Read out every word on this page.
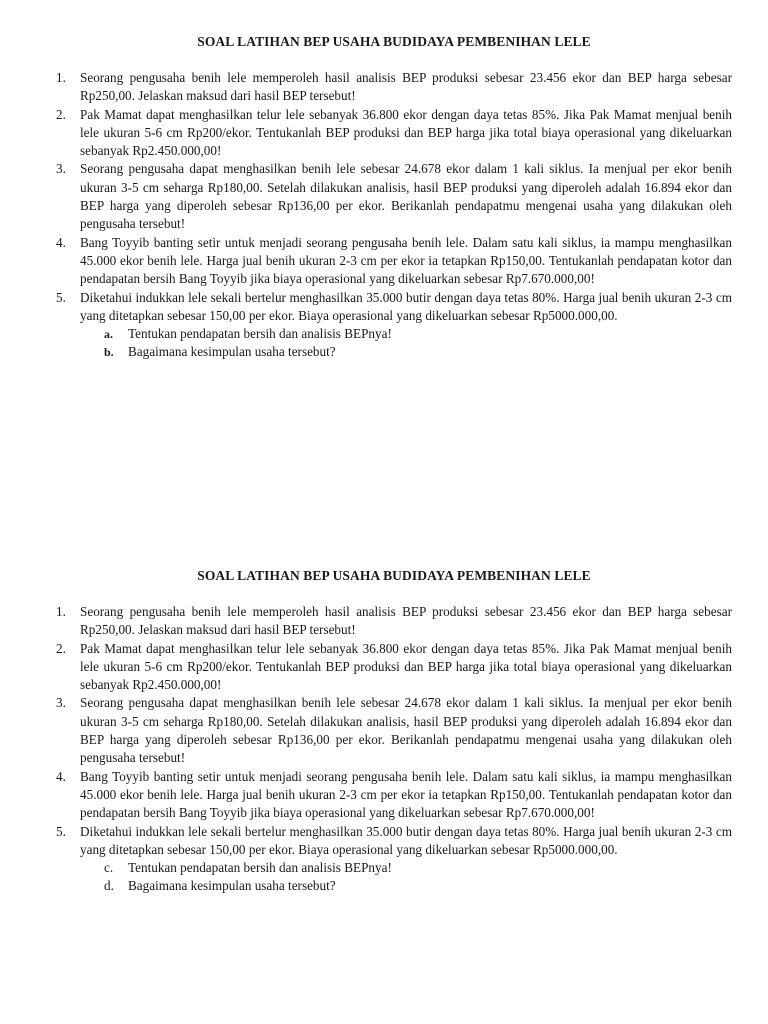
SOAL LATIHAN BEP USAHA BUDIDAYA PEMBENIHAN LELE
1. Seorang pengusaha benih lele memperoleh hasil analisis BEP produksi sebesar 23.456 ekor dan BEP harga sebesar Rp250,00. Jelaskan maksud dari hasil BEP tersebut!
2. Pak Mamat dapat menghasilkan telur lele sebanyak 36.800 ekor dengan daya tetas 85%. Jika Pak Mamat menjual benih lele ukuran 5-6 cm Rp200/ekor. Tentukanlah BEP produksi dan BEP harga jika total biaya operasional yang dikeluarkan sebanyak Rp2.450.000,00!
3. Seorang pengusaha dapat menghasilkan benih lele sebesar 24.678 ekor dalam 1 kali siklus. Ia menjual per ekor benih ukuran 3-5 cm seharga Rp180,00. Setelah dilakukan analisis, hasil BEP produksi yang diperoleh adalah 16.894 ekor dan BEP harga yang diperoleh sebesar Rp136,00 per ekor. Berikanlah pendapatmu mengenai usaha yang dilakukan oleh pengusaha tersebut!
4. Bang Toyyib banting setir untuk menjadi seorang pengusaha benih lele. Dalam satu kali siklus, ia mampu menghasilkan 45.000 ekor benih lele. Harga jual benih ukuran 2-3 cm per ekor ia tetapkan Rp150,00. Tentukanlah pendapatan kotor dan pendapatan bersih Bang Toyyib jika biaya operasional yang dikeluarkan sebesar Rp7.670.000,00!
5. Diketahui indukkan lele sekali bertelur menghasilkan 35.000 butir dengan daya tetas 80%. Harga jual benih ukuran 2-3 cm yang ditetapkan sebesar 150,00 per ekor. Biaya operasional yang dikeluarkan sebesar Rp5000.000,00.
a. Tentukan pendapatan bersih dan analisis BEPnya!
b. Bagaimana kesimpulan usaha tersebut?
SOAL LATIHAN BEP USAHA BUDIDAYA PEMBENIHAN LELE
1. Seorang pengusaha benih lele memperoleh hasil analisis BEP produksi sebesar 23.456 ekor dan BEP harga sebesar Rp250,00. Jelaskan maksud dari hasil BEP tersebut!
2. Pak Mamat dapat menghasilkan telur lele sebanyak 36.800 ekor dengan daya tetas 85%. Jika Pak Mamat menjual benih lele ukuran 5-6 cm Rp200/ekor. Tentukanlah BEP produksi dan BEP harga jika total biaya operasional yang dikeluarkan sebanyak Rp2.450.000,00!
3. Seorang pengusaha dapat menghasilkan benih lele sebesar 24.678 ekor dalam 1 kali siklus. Ia menjual per ekor benih ukuran 3-5 cm seharga Rp180,00. Setelah dilakukan analisis, hasil BEP produksi yang diperoleh adalah 16.894 ekor dan BEP harga yang diperoleh sebesar Rp136,00 per ekor. Berikanlah pendapatmu mengenai usaha yang dilakukan oleh pengusaha tersebut!
4. Bang Toyyib banting setir untuk menjadi seorang pengusaha benih lele. Dalam satu kali siklus, ia mampu menghasilkan 45.000 ekor benih lele. Harga jual benih ukuran 2-3 cm per ekor ia tetapkan Rp150,00. Tentukanlah pendapatan kotor dan pendapatan bersih Bang Toyyib jika biaya operasional yang dikeluarkan sebesar Rp7.670.000,00!
5. Diketahui indukkan lele sekali bertelur menghasilkan 35.000 butir dengan daya tetas 80%. Harga jual benih ukuran 2-3 cm yang ditetapkan sebesar 150,00 per ekor. Biaya operasional yang dikeluarkan sebesar Rp5000.000,00.
c. Tentukan pendapatan bersih dan analisis BEPnya!
d. Bagaimana kesimpulan usaha tersebut?
